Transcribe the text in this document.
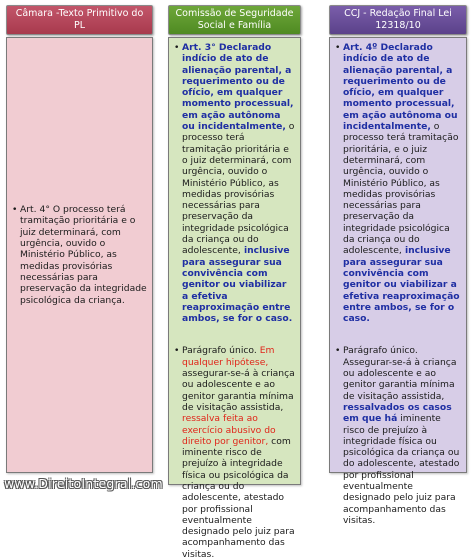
Câmara -Texto Primitivo do
PL
• Art. 4° O processo terá tramitação prioritária e o juiz determinará, com urgência, ouvido o Ministério Público, as medidas provisórias necessárias para preservação da integridade psicológica da criança.
Comissão de Seguridade
Social e Família
• Art. 3° Declarado indício de ato de alienação parental, a requerimento ou de ofício, em qualquer momento processual, em ação autônoma ou incidentalmente, o processo terá tramitação prioritária e o juiz determinará, com urgência, ouvido o Ministério Público, as medidas provisórias necessárias para preservação da integridade psicológica da criança ou do adolescente, inclusive para assegurar sua convivência com genitor ou viabilizar a efetiva reaproximação entre ambos, se for o caso.
• Parágrafo único. Em qualquer hipótese, assegurar-se-á à criança ou adolescente e ao genitor garantia mínima de visitação assistida, ressalva feita ao exercício abusivo do direito por genitor, com iminente risco de prejuízo à integridade física ou psicológica da criança ou do adolescente, atestado por profissional eventualmente designado pelo juiz para acompanhamento das visitas.
CCJ - Redação Final Lei
12318/10
• Art. 4º Declarado indício de ato de alienação parental, a requerimento ou de ofício, em qualquer momento processual, em ação autônoma ou incidentalmente, o processo terá tramitação prioritária, e o juiz determinará, com urgência, ouvido o Ministério Público, as medidas provisórias necessárias para preservação da integridade psicológica da criança ou do adolescente, inclusive para assegurar sua convivência com genitor ou viabilizar a efetiva reaproximação entre ambos, se for o caso.
• Parágrafo único. Assegurar-se-á à criança ou adolescente e ao genitor garantia mínima de visitação assistida, ressalvados os casos em que há iminente risco de prejuízo à integridade física ou psicológica da criança ou do adolescente, atestado por profissional eventualmente designado pelo juiz para acompanhamento das visitas.
www.DireitoIntegral.com
